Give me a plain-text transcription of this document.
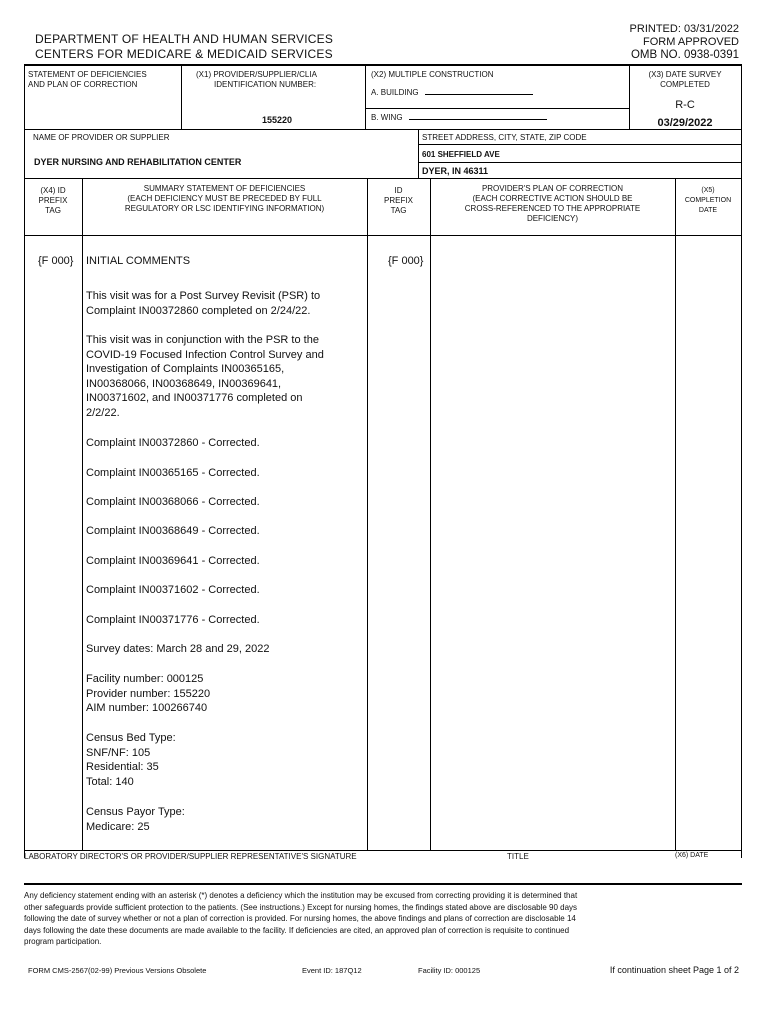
DEPARTMENT OF HEALTH AND HUMAN SERVICES
CENTERS FOR MEDICARE & MEDICAID SERVICES
PRINTED: 03/31/2022
FORM APPROVED
OMB NO. 0938-0391
STATEMENT OF DEFICIENCIES
AND PLAN OF CORRECTION
(X1) PROVIDER/SUPPLIER/CLIA
IDENTIFICATION NUMBER:
155220
(X2) MULTIPLE CONSTRUCTION
A. BUILDING
B. WING
(X3) DATE SURVEY
COMPLETED
R-C
03/29/2022
NAME OF PROVIDER OR SUPPLIER
DYER NURSING AND REHABILITATION CENTER
STREET ADDRESS, CITY, STATE, ZIP CODE
601 SHEFFIELD AVE
DYER, IN 46311
(X4) ID
PREFIX
TAG
SUMMARY STATEMENT OF DEFICIENCIES
(EACH DEFICIENCY MUST BE PRECEDED BY FULL
REGULATORY OR LSC IDENTIFYING INFORMATION)
ID
PREFIX
TAG
PROVIDER'S PLAN OF CORRECTION
(EACH CORRECTIVE ACTION SHOULD BE
CROSS-REFERENCED TO THE APPROPRIATE
DEFICIENCY)
(X5)
COMPLETION
DATE
{F 000} INITIAL COMMENTS	{F 000}
This visit was for a Post Survey Revisit (PSR) to
Complaint IN00372860 completed on 2/24/22.
This visit was in conjunction with the PSR to the
COVID-19 Focused Infection Control Survey and
Investigation of Complaints IN00365165,
IN00368066, IN00368649, IN00369641,
IN00371602, and IN00371776 completed on
2/2/22.
Complaint IN00372860 - Corrected.
Complaint IN00365165 - Corrected.
Complaint IN00368066 - Corrected.
Complaint IN00368649 - Corrected.
Complaint IN00369641 - Corrected.
Complaint IN00371602 - Corrected.
Complaint IN00371776 - Corrected.
Survey dates: March 28 and 29, 2022
Facility number: 000125
Provider number: 155220
AIM number: 100266740
Census Bed Type:
SNF/NF: 105
Residential: 35
Total: 140
Census Payor Type:
Medicare: 25
LABORATORY DIRECTOR'S OR PROVIDER/SUPPLIER REPRESENTATIVE'S SIGNATURE	TITLE	(X6) DATE
Any deficiency statement ending with an asterisk (*) denotes a deficiency which the institution may be excused from correcting providing it is determined that
other safeguards provide sufficient protection to the patients. (See instructions.) Except for nursing homes, the findings stated above are disclosable 90 days
following the date of survey whether or not a plan of correction is provided. For nursing homes, the above findings and plans of correction are disclosable 14
days following the date these documents are made available to the facility. If deficiencies are cited, an approved plan of correction is requisite to continued
program participation.
FORM CMS-2567(02-99) Previous Versions Obsolete	Event ID: 187Q12	Facility ID: 000125	If continuation sheet Page 1 of 2
